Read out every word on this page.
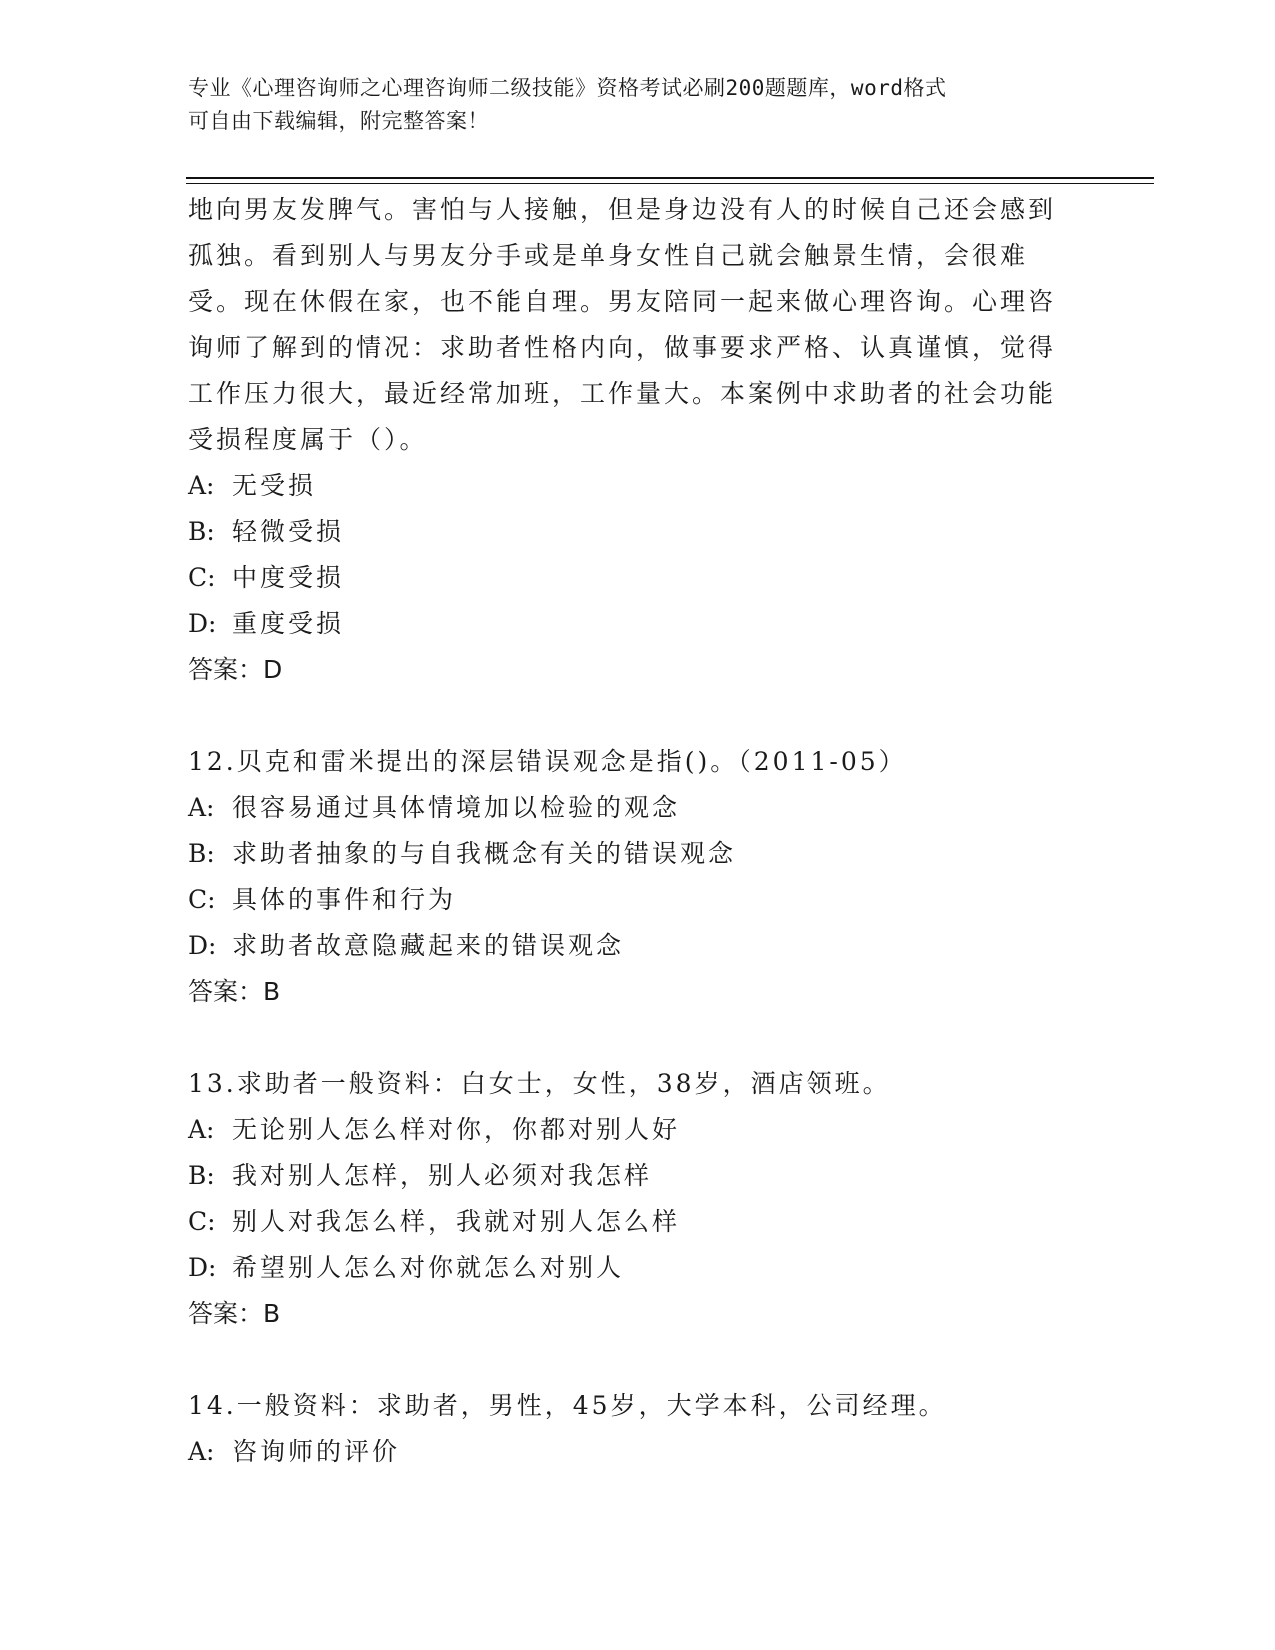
专业《心理咨询师之心理咨询师二级技能》资格考试必刷200题题库，word格式
可自由下载编辑，附完整答案！

地向男友发脾气。害怕与人接触，但是身边没有人的时候自己还会感到孤独。看到别人与男友分手或是单身女性自己就会触景生情，会很难受。现在休假在家，也不能自理。男友陪同一起来做心理咨询。心理咨询师了解到的情况：求助者性格内向，做事要求严格、认真谨慎，觉得工作压力很大，最近经常加班，工作量大。本案例中求助者的社会功能受损程度属于（）。

A: 无受损
B: 轻微受损
C: 中度受损
D: 重度受损
答案：D
12.贝克和雷米提出的深层错误观念是指()。（2011-05）
A: 很容易通过具体情境加以检验的观念
B: 求助者抽象的与自我概念有关的错误观念
C: 具体的事件和行为
D: 求助者故意隐藏起来的错误观念
答案：B
13.求助者一般资料：白女士，女性，38岁，酒店领班。
A: 无论别人怎么样对你，你都对别人好
B: 我对别人怎样，别人必须对我怎样
C: 别人对我怎么样，我就对别人怎么样
D: 希望别人怎么对你就怎么对别人
答案：B
14.一般资料：求助者，男性，45岁，大学本科，公司经理。
A: 咨询师的评价
